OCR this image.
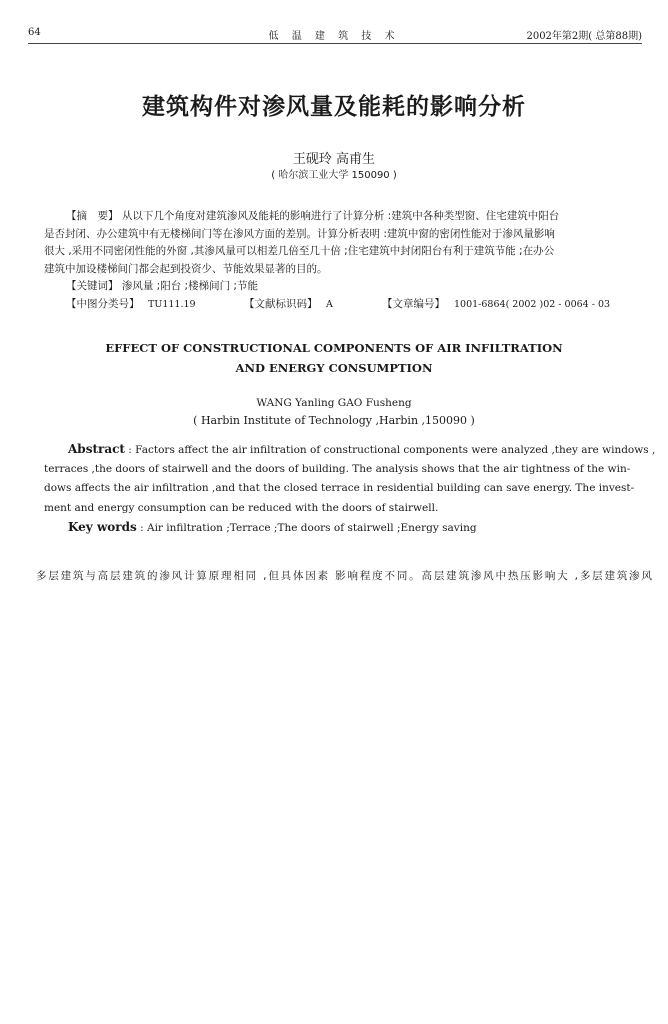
64	低 温 建 筑 技 术	2002年第2期( 总第88期)
建筑构件对渗风量及能耗的影响分析
王砚玲 高甫生
( 哈尔滨工业大学 150090 )
【摘　要】 从以下几个角度对建筑渗风及能耗的影响进行了计算分析 :建筑中各种类型窗、住宅建筑中阳台
是否封闭、办公建筑中有无楼梯间门等在渗风方面的差别。计算分析表明 :建筑中窗的密闭性能对于渗风量影响
很大 ,采用不同密闭性能的外窗 ,其渗风量可以相差几倍至几十倍 ;住宅建筑中封闭阳台有利于建筑节能 ;在办公
建筑中加设楼梯间门都会起到投资少、节能效果显著的目的。
【关键词】 渗风量 ;阳台 ;楼梯间门 ;节能
【中图分类号】 TU111.19	【文献标识码】 A	【文章编号】 1001-6864( 2002 )02 - 0064 - 03
EFFECT OF CONSTRUCTIONAL COMPONENTS OF AIR INFILTRATION
AND ENERGY CONSUMPTION
WANG Yanling GAO Fusheng
( Harbin Institute of Technology ,Harbin ,150090 )
Abstract : Factors affect the air infiltration of constructional components were analyzed ,they are windows ,
terraces ,the doors of stairwell and the doors of building. The analysis shows that the air tightness of the win-
dows affects the air infiltration ,and that the closed terrace in residential building can save energy. The invest-
ment and energy consumption can be reduced with the doors of stairwell.
Key words : Air infiltration ;Terrace ;The doors of stairwell ;Energy saving
多层建筑与高层建筑的渗风计算原理相同 ,但具体因素 影响程度不同。高层建筑渗风中热压影响大 ,多层建筑渗风
